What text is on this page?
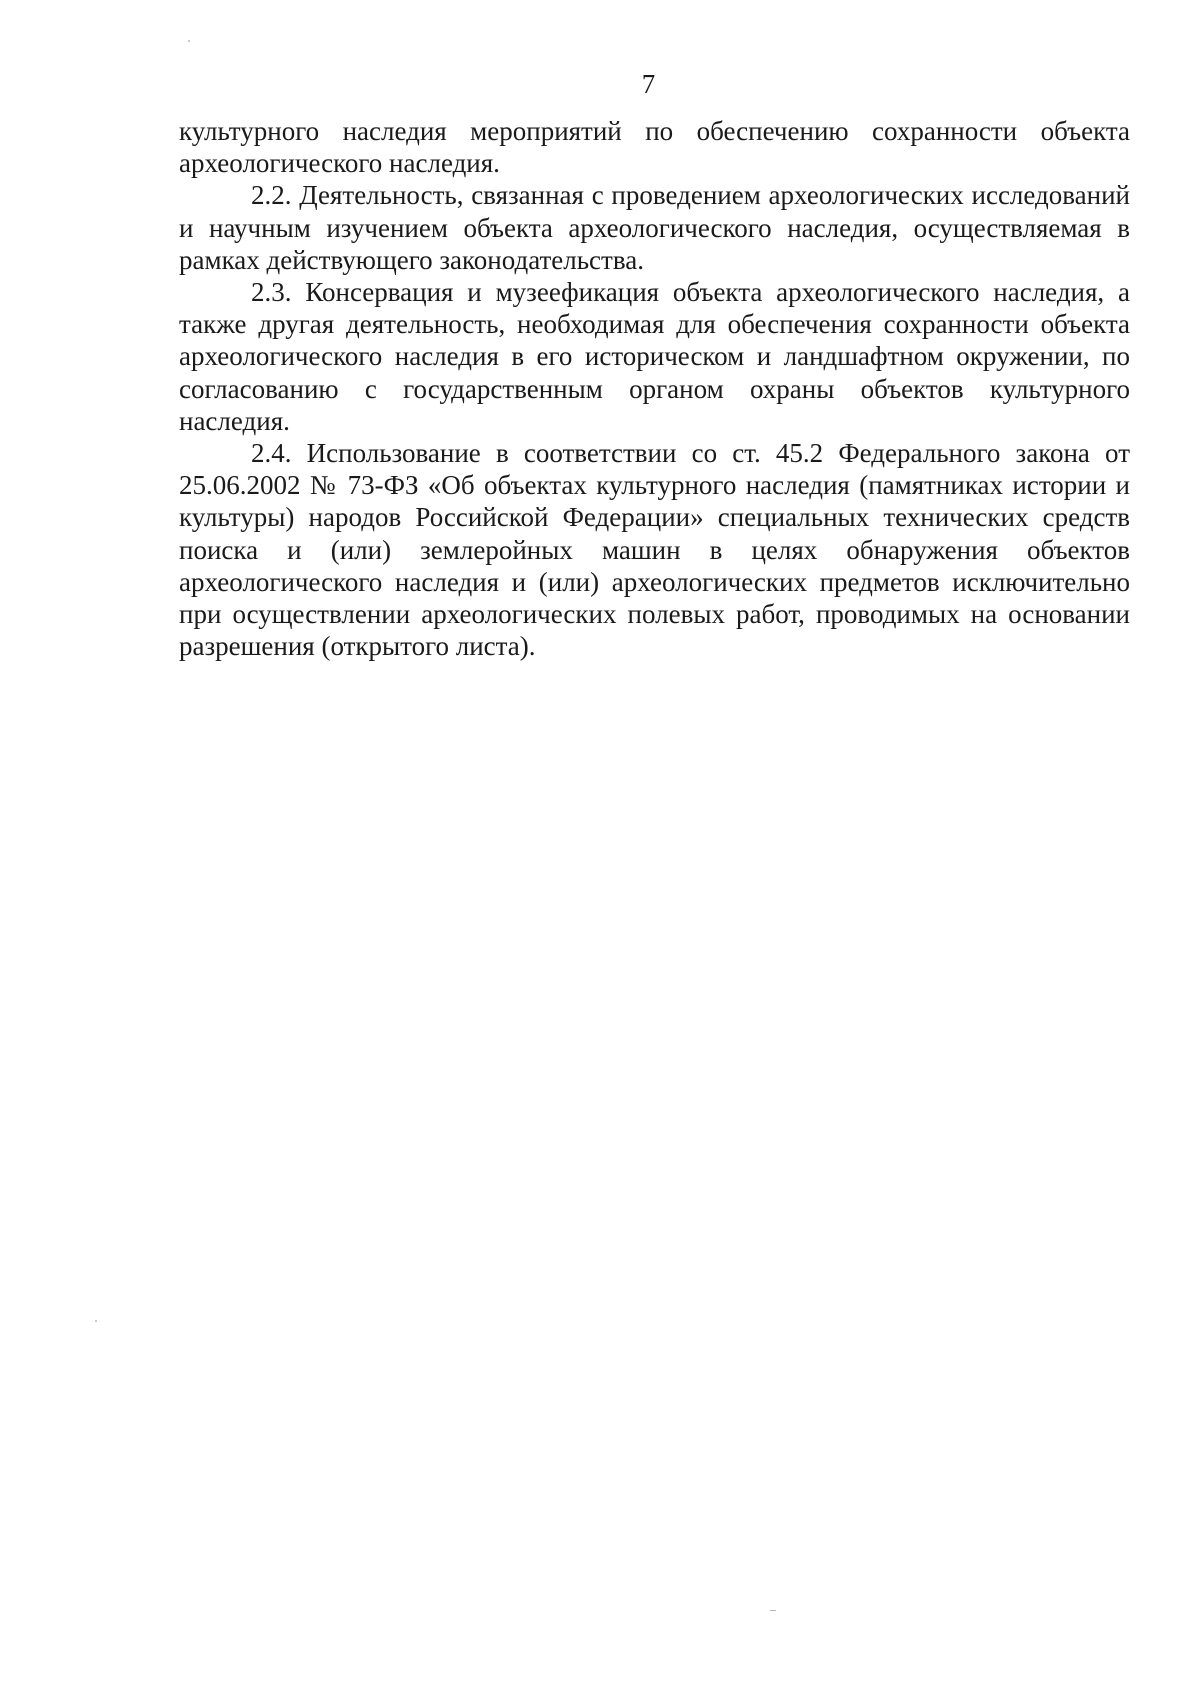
7

культурного наследия мероприятий по обеспечению сохранности объекта археологического наследия.

2.2. Деятельность, связанная с проведением археологических исследований и научным изучением объекта археологического наследия, осуществляемая в рамках действующего законодательства.

2.3. Консервация и музеефикация объекта археологического наследия, а также другая деятельность, необходимая для обеспечения сохранности объекта археологического наследия в его историческом и ландшафтном окружении, по согласованию с государственным органом охраны объектов культурного наследия.

2.4. Использование в соответствии со ст. 45.2 Федерального закона от 25.06.2002 № 73-ФЗ «Об объектах культурного наследия (памятниках истории и культуры) народов Российской Федерации» специальных технических средств поиска и (или) землеройных машин в целях обнаружения объектов археологического наследия и (или) археологических предметов исключительно при осуществлении археологических полевых работ, проводимых на основании разрешения (открытого листа).
